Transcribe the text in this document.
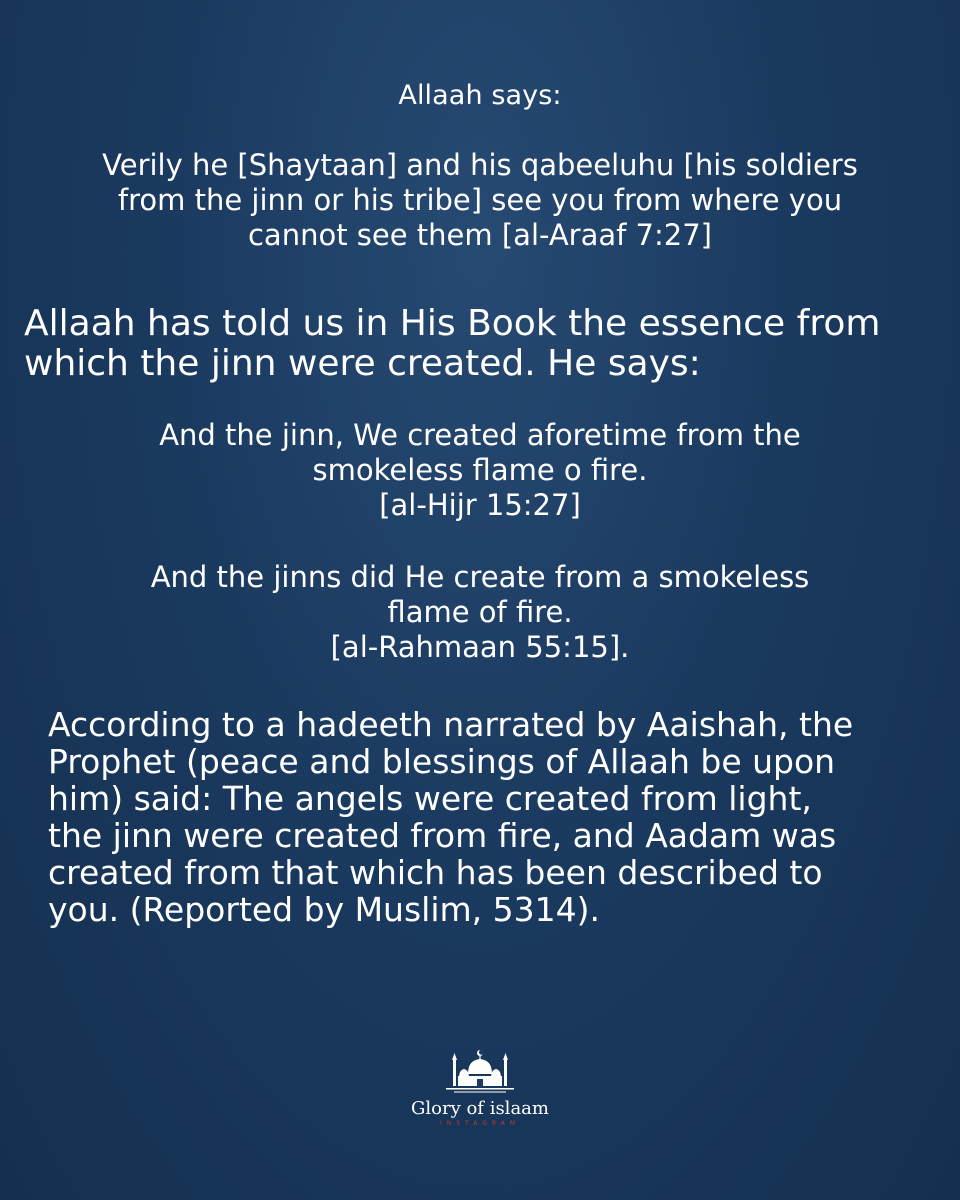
Allaah says:
Verily he [Shaytaan] and his qabeeluhu [his soldiers
from the jinn or his tribe] see you from where you
cannot see them [al-Araaf 7:27]
Allaah has told us in His Book the essence from
which the jinn were created. He says:
And the jinn, We created aforetime from the
smokeless flame o fire.
[al-Hijr 15:27]
And the jinns did He create from a smokeless
flame of fire.
[al-Rahmaan 55:15].
According to a hadeeth narrated by Aaishah, the
Prophet (peace and blessings of Allaah be upon
him) said: The angels were created from light,
the jinn were created from fire, and Aadam was
created from that which has been described to
you. (Reported by Muslim, 5314).
Glory of islaam
INSTAGRAM
